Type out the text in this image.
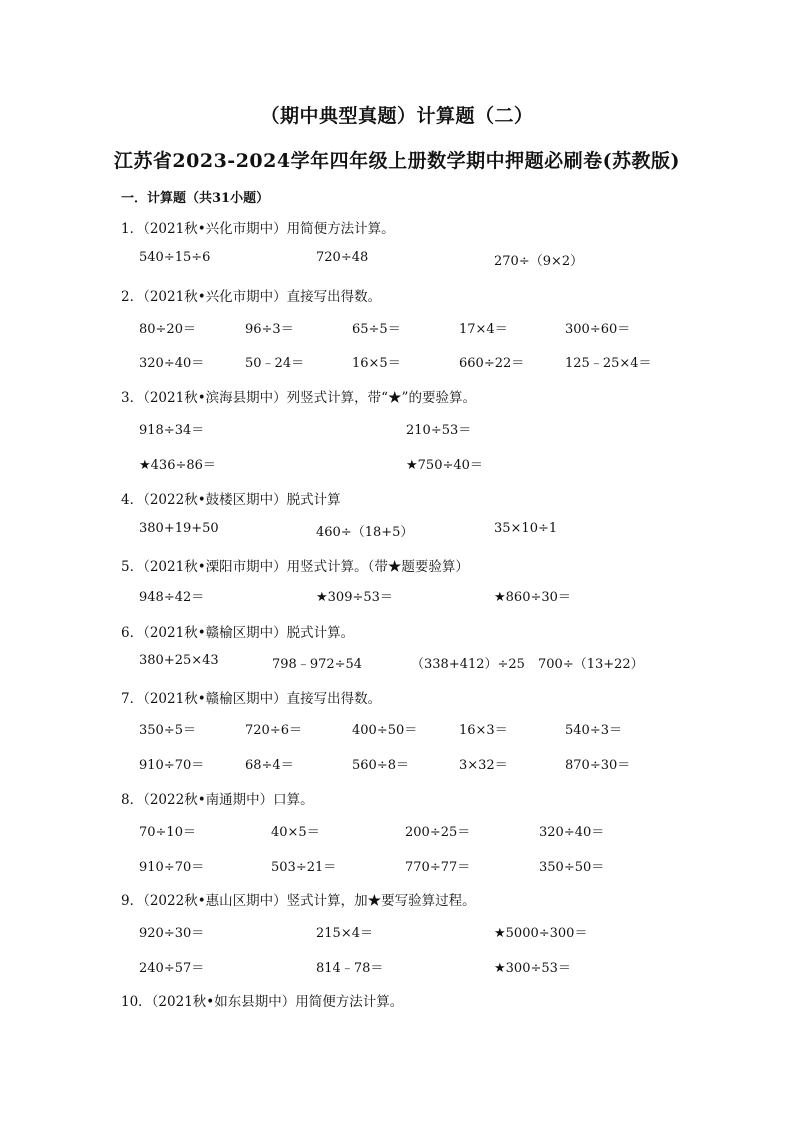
（期中典型真题）计算题（二）
江苏省2023-2024学年四年级上册数学期中押题必刷卷(苏教版)
一．计算题（共31小题）
1．（2021秋•兴化市期中）用简便方法计算。
540÷15÷6	720÷48	270÷（9×2）
2．（2021秋•兴化市期中）直接写出得数。
80÷20＝	96÷3＝	65÷5＝	17×4＝	300÷60＝
320÷40＝	50﹣24＝	16×5＝	660÷22＝	125﹣25×4＝
3．（2021秋•滨海县期中）列竖式计算，带“★”的要验算。
918÷34＝	210÷53＝
★436÷86＝	★750÷40＝
4．（2022秋•鼓楼区期中）脱式计算
380+19+50	460÷（18+5）	35×10÷1
5．（2021秋•溧阳市期中）用竖式计算。（带★题要验算）
948÷42＝	★309÷53＝	★860÷30＝
6．（2021秋•赣榆区期中）脱式计算。
380+25×43	798﹣972÷54	（338+412）÷25 700÷（13+22）
7．（2021秋•赣榆区期中）直接写出得数。
350÷5＝	720÷6＝	400÷50＝	16×3＝	540÷3＝
910÷70＝	68÷4＝	560÷8＝	3×32＝	870÷30＝
8．（2022秋•南通期中）口算。
70÷10＝	40×5＝	200÷25＝	320÷40＝
910÷70＝	503÷21＝	770÷77＝	350÷50＝
9．（2022秋•惠山区期中）竖式计算，加★要写验算过程。
920÷30＝	215×4＝	★5000÷300＝
240÷57＝	814﹣78＝	★300÷53＝
10．（2021秋•如东县期中）用简便方法计算。
